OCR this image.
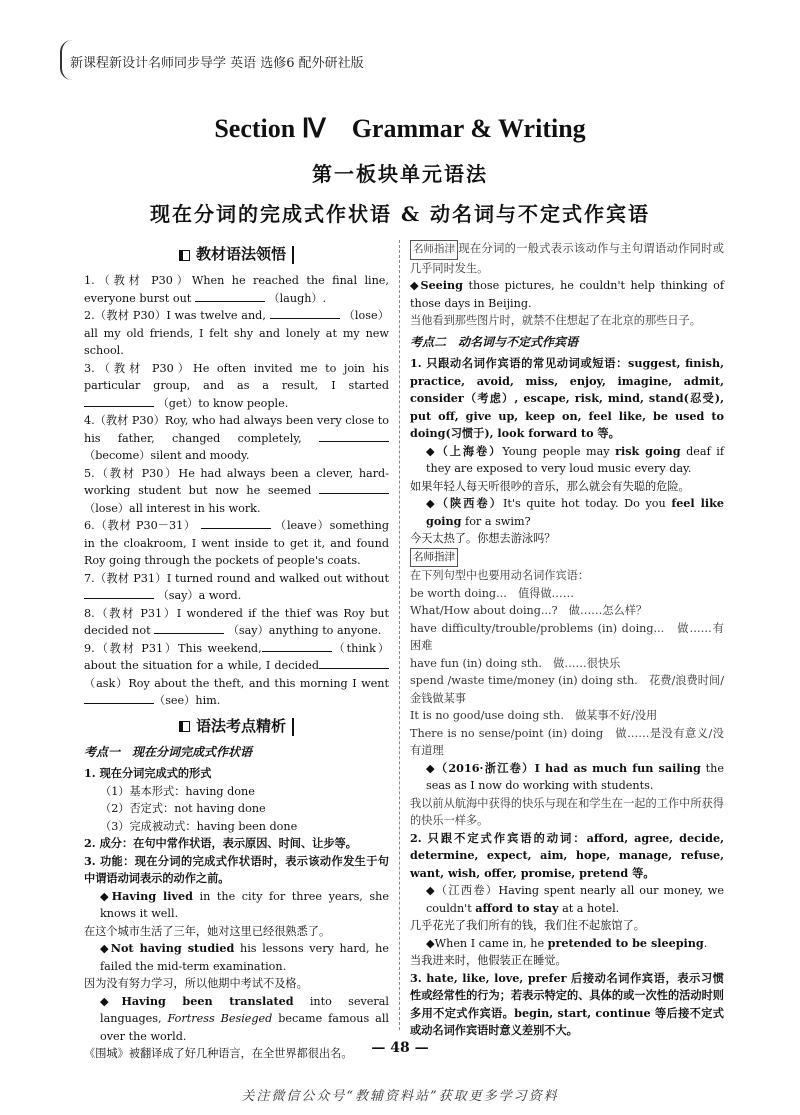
新课程新设计名师同步导学 英语 选修6 配外研社版
Section Ⅳ　Grammar & Writing
第一板块单元语法
现在分词的完成式作状语 & 动名词与不定式作宾语
教材语法领悟

1.（教材 P30）When he reached the final line, everyone burst out	（laugh）.

2.（教材 P30）I was twelve and,	（lose）all my old friends, I felt shy and lonely at my new school.

3.（教材 P30）He often invited me to join his particular group, and as a result, I started  （get）to know people.

4.（教材 P30）Roy, who had always been very close to his father, changed completely,  （become）silent and moody.

5.（教材 P30）He had always been a clever, hard-working student but now he seemed  （lose）all interest in his work.

6.（教材 P30－31）	（leave）something in the cloakroom, I went inside to get it, and found Roy going through the pockets of people's coats.

7.（教材 P31）I turned round and walked out without  （say）a word.

8.（教材 P31）I wondered if the thief was Roy but decided not	（say）anything to anyone.

9.（教材 P31）This weekend,	（think）about the situation for a while, I decided（ask）Roy about the theft, and this morning I went（see）him.

语法考点精析
考点一　现在分词完成式作状语

1. 现在分词完成式的形式

（1）基本形式：having done

（2）否定式：not having done

（3）完成被动式：having been done

2. 成分：在句中常作状语，表示原因、时间、让步等。

3. 功能：现在分词的完成式作状语时，表示该动作发生于句中谓语动词表示的动作之前。

◆Having lived in the city for three years, she knows it well.

在这个城市生活了三年，她对这里已经很熟悉了。

◆Not having studied his lessons very hard, he failed the mid-term examination.

因为没有努力学习，所以他期中考试不及格。

◆Having been translated into several languages, Fortress Besieged became famous all over the world.

《围城》被翻译成了好几种语言，在全世界都很出名。

名师指津 现在分词的一般式表示该动作与主句谓语动作同时或几乎同时发生。

◆Seeing those pictures, he couldn't help thinking of those days in Beijing.

当他看到那些图片时，就禁不住想起了在北京的那些日子。

考点二　动名词与不定式作宾语

1. 只跟动名词作宾语的常见动词或短语：suggest, finish, practice, avoid, miss, enjoy, imagine, admit, consider（考虑）, escape, risk, mind, stand(忍受), put off, give up, keep on, feel like, be used to doing(习惯于), look forward to 等。

◆（上海卷）Young people may risk going deaf if they are exposed to very loud music every day.

如果年轻人每天听很吵的音乐，那么就会有失聪的危险。

◆（陕西卷）It's quite hot today. Do you feel like going for a swim?

今天太热了。你想去游泳吗？

名师指津

在下列句型中也要用动名词作宾语：

be worth doing...　值得做……

What/How about doing...?　做……怎么样？

have difficulty/trouble/problems (in) doing...　做……有困难

have fun (in) doing sth.　做……很快乐

spend /waste time/money (in) doing sth.　花费/浪费时间/金钱做某事

It is no good/use doing sth.　做某事不好/没用

There is no sense/point (in) doing　做……是没有意义/没有道理

◆（2016·浙江卷）I had as much fun sailing the seas as I now do working with students.

我以前从航海中获得的快乐与现在和学生在一起的工作中所获得的快乐一样多。

2. 只跟不定式作宾语的动词：afford, agree, decide, determine, expect, aim, hope, manage, refuse, want, wish, offer, promise, pretend 等。

◆（江西卷）Having spent nearly all our money, we couldn't afford to stay at a hotel.

几乎花光了我们所有的钱，我们住不起旅馆了。

◆When I came in, he pretended to be sleeping.

当我进来时，他假装正在睡觉。

3. hate, like, love, prefer 后接动名词作宾语，表示习惯性或经常性的行为；若表示特定的、具体的或一次性的活动时则多用不定式作宾语。begin, start, continue 等后接不定式或动名词作宾语时意义差别不大。

— 48 —
关注微信公众号“教辅资料站”获取更多学习资料
